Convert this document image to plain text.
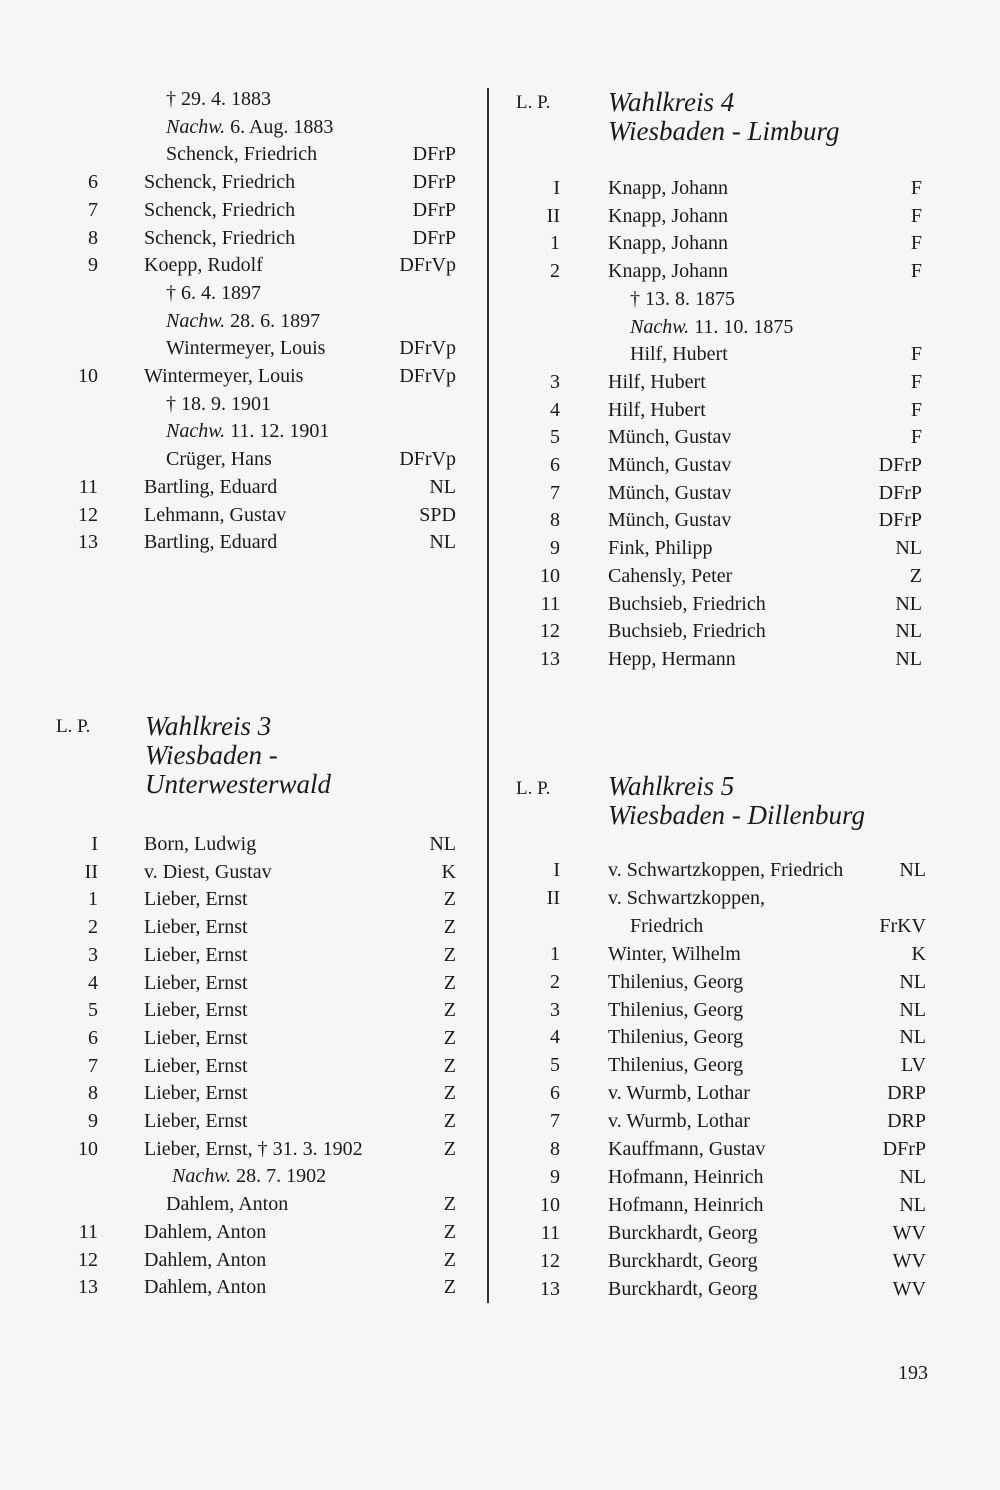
† 29. 4. 1883
Nachw. 6. Aug. 1883
Schenck, Friedrich	DFrP
6 Schenck, Friedrich	DFrP
7 Schenck, Friedrich	DFrP
8 Schenck, Friedrich	DFrP
9 Koepp, Rudolf	DFrVp
† 6. 4. 1897
Nachw. 28. 6. 1897
Wintermeyer, Louis	DFrVp
10 Wintermeyer, Louis	DFrVp
† 18. 9. 1901
Nachw. 11. 12. 1901
Crüger, Hans	DFrVp
11 Bartling, Eduard	NL
12 Lehmann, Gustav	SPD
13 Bartling, Eduard	NL
L. P. Wahlkreis 3
Wiesbaden -
Unterwesterwald
I Born, Ludwig	NL
II v. Diest, Gustav	K
1 Lieber, Ernst	Z
2 Lieber, Ernst	Z
3 Lieber, Ernst	Z
4 Lieber, Ernst	Z
5 Lieber, Ernst	Z
6 Lieber, Ernst	Z
7 Lieber, Ernst	Z
8 Lieber, Ernst	Z
9 Lieber, Ernst	Z
10 Lieber, Ernst, † 31. 3. 1902	Z
Nachw. 28. 7. 1902
Dahlem, Anton	Z
11 Dahlem, Anton	Z
12 Dahlem, Anton	Z
13 Dahlem, Anton	Z
L. P. Wahlkreis 4
Wiesbaden - Limburg
I Knapp, Johann	F
II Knapp, Johann	F
1 Knapp, Johann	F
2 Knapp, Johann	F
† 13. 8. 1875
Nachw. 11. 10. 1875
Hilf, Hubert	F
3 Hilf, Hubert	F
4 Hilf, Hubert	F
5 Münch, Gustav	F
6 Münch, Gustav	DFrP
7 Münch, Gustav	DFrP
8 Münch, Gustav	DFrP
9 Fink, Philipp	NL
10 Cahensly, Peter	Z
11 Buchsieb, Friedrich	NL
12 Buchsieb, Friedrich	NL
13 Hepp, Hermann	NL
L. P. Wahlkreis 5
Wiesbaden - Dillenburg
I v. Schwartzkoppen, Friedrich	NL
II v. Schwartzkoppen,
Friedrich	FrKV
1 Winter, Wilhelm	K
2 Thilenius, Georg	NL
3 Thilenius, Georg	NL
4 Thilenius, Georg	NL
5 Thilenius, Georg	LV
6 v. Wurmb, Lothar	DRP
7 v. Wurmb, Lothar	DRP
8 Kauffmann, Gustav	DFrP
9 Hofmann, Heinrich	NL
10 Hofmann, Heinrich	NL
11 Burckhardt, Georg	WV
12 Burckhardt, Georg	WV
13 Burckhardt, Georg	WV
193
